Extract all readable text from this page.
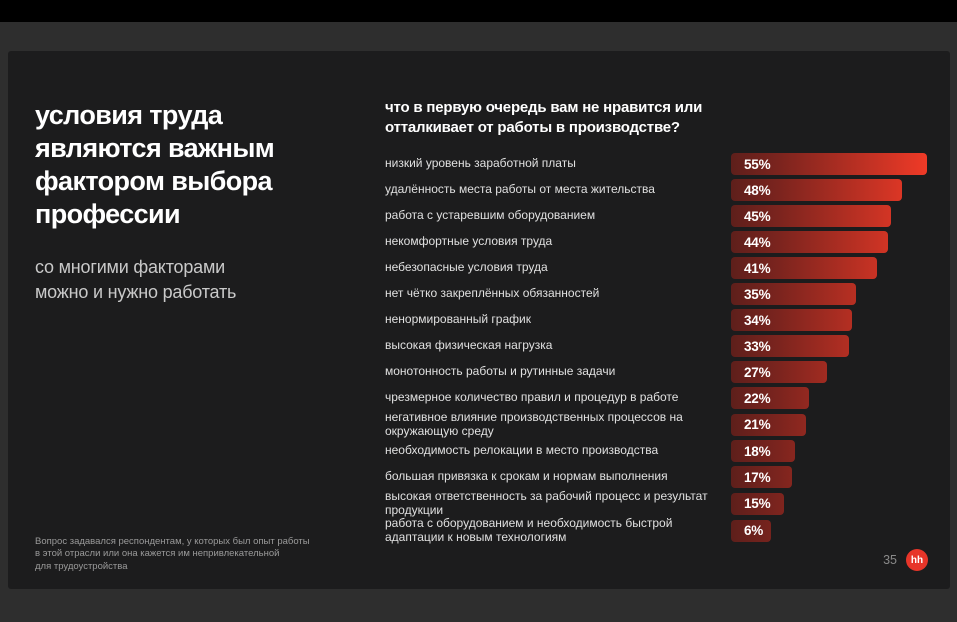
условия труда
являются важным
фактором выбора
профессии

со многими факторами
можно и нужно работать

Вопрос задавался респондентам, у которых был опыт работы
в этой отрасли или она кажется им непривлекательной
для трудоустройства

что в первую очередь вам не нравится или
отталкивает от работы в производстве?
низкий уровень заработной платы	55%
удалённость места работы от места жительства	48%
работа с устаревшим оборудованием	45%
некомфортные условия труда	44%
небезопасные условия труда	41%
нет чётко закреплённых обязанностей	35%
ненормированный график	34%
высокая физическая нагрузка	33%
монотонность работы и рутинные задачи	27%
чрезмерное количество правил и процедур в работе	22%
негативное влияние производственных процессов на окружающую среду	21%
необходимость релокации в место производства	18%
большая привязка к срокам и нормам выполнения	17%
высокая ответственность за рабочий процесс и результат продукции	15%
работа с оборудованием и необходимость быстрой адаптации к новым технологиям	6%
35 hh
